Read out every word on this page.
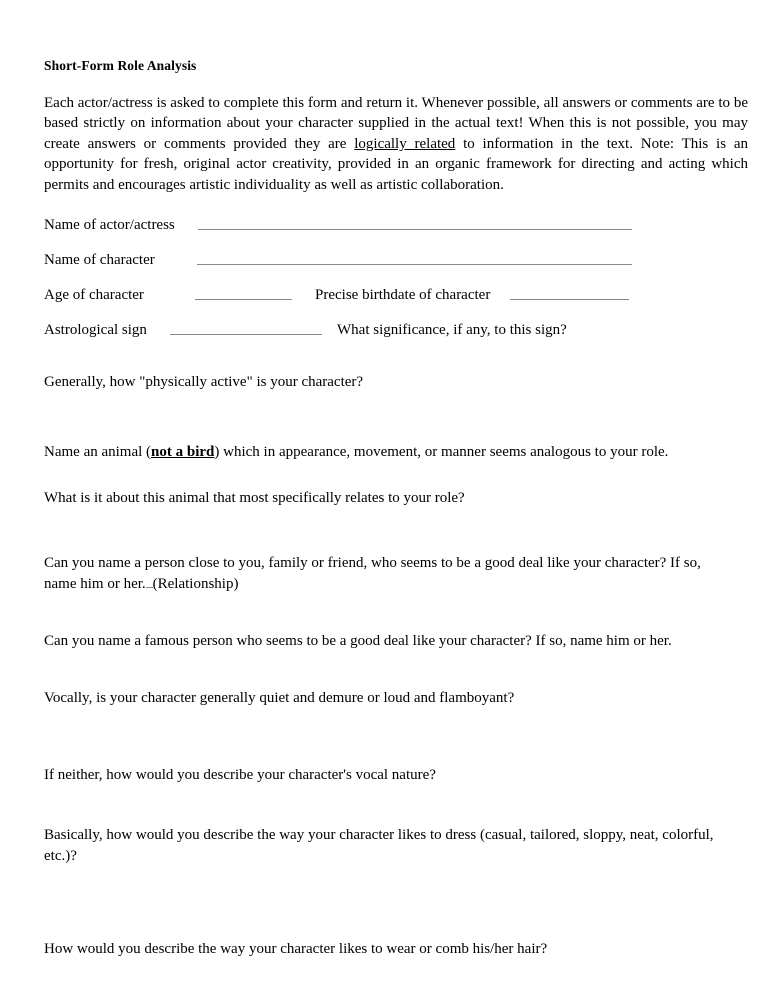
Short-Form Role Analysis

Each actor/actress is asked to complete this form and return it. Whenever possible, all answers or comments are to be based strictly on information about your character supplied in the actual text! When this is not possible, you may create answers or comments provided they are logically related to information in the text. Note: This is an opportunity for fresh, original actor creativity, provided in an organic framework for directing and acting which permits and encourages artistic individuality as well as artistic collaboration.

Name of actor/actress
Name of character
Age of character	Precise birthdate of character
Astrological sign	What significance, if any, to this sign?

Generally, how "physically active" is your character?

Name an animal (not a bird) which in appearance, movement, or manner seems analogous to your role.

What is it about this animal that most specifically relates to your role?

Can you name a person close to you, family or friend, who seems to be a good deal like your character? If so, name him or her. (Relationship)

Can you name a famous person who seems to be a good deal like your character? If so, name him or her.

Vocally, is your character generally quiet and demure or loud and flamboyant?

If neither, how would you describe your character's vocal nature?

Basically, how would you describe the way your character likes to dress (casual, tailored, sloppy, neat, colorful, etc.)?

How would you describe the way your character likes to wear or comb his/her hair?
